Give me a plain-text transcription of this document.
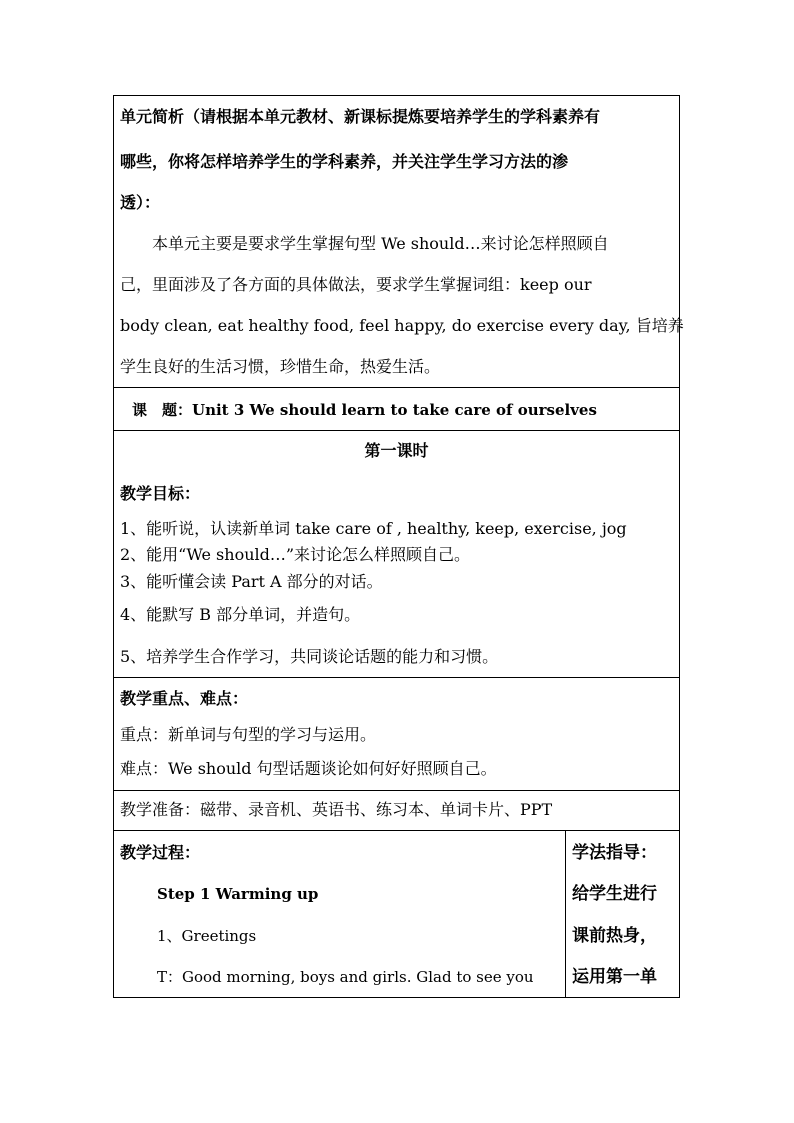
单元简析（请根据本单元教材、新课标提炼要培养学生的学科素养有
哪些，你将怎样培养学生的学科素养，并关注学生学习方法的渗
透）：
本单元主要是要求学生掌握句型 We should…来讨论怎样照顾自
己，里面涉及了各方面的具体做法，要求学生掌握词组：keep our
body clean, eat healthy food, feel happy, do exercise every day, 旨培养
学生良好的生活习惯，珍惜生命，热爱生活。
课　题：Unit 3 We should learn to take care of ourselves
第一课时
教学目标：
1、能听说，认读新单词 take care of , healthy, keep, exercise, jog
2、能用“We should…”来讨论怎么样照顾自己。
3、能听懂会读 Part A 部分的对话。
4、能默写 B 部分单词，并造句。
5、培养学生合作学习，共同谈论话题的能力和习惯。
教学重点、难点：
重点：新单词与句型的学习与运用。
难点：We should 句型话题谈论如何好好照顾自己。
教学准备：磁带、录音机、英语书、练习本、单词卡片、PPT
教学过程：
Step 1 Warming up
1、Greetings
T：Good morning, boys and girls. Glad to see you
学法指导：
给学生进行
课前热身，
运用第一单
